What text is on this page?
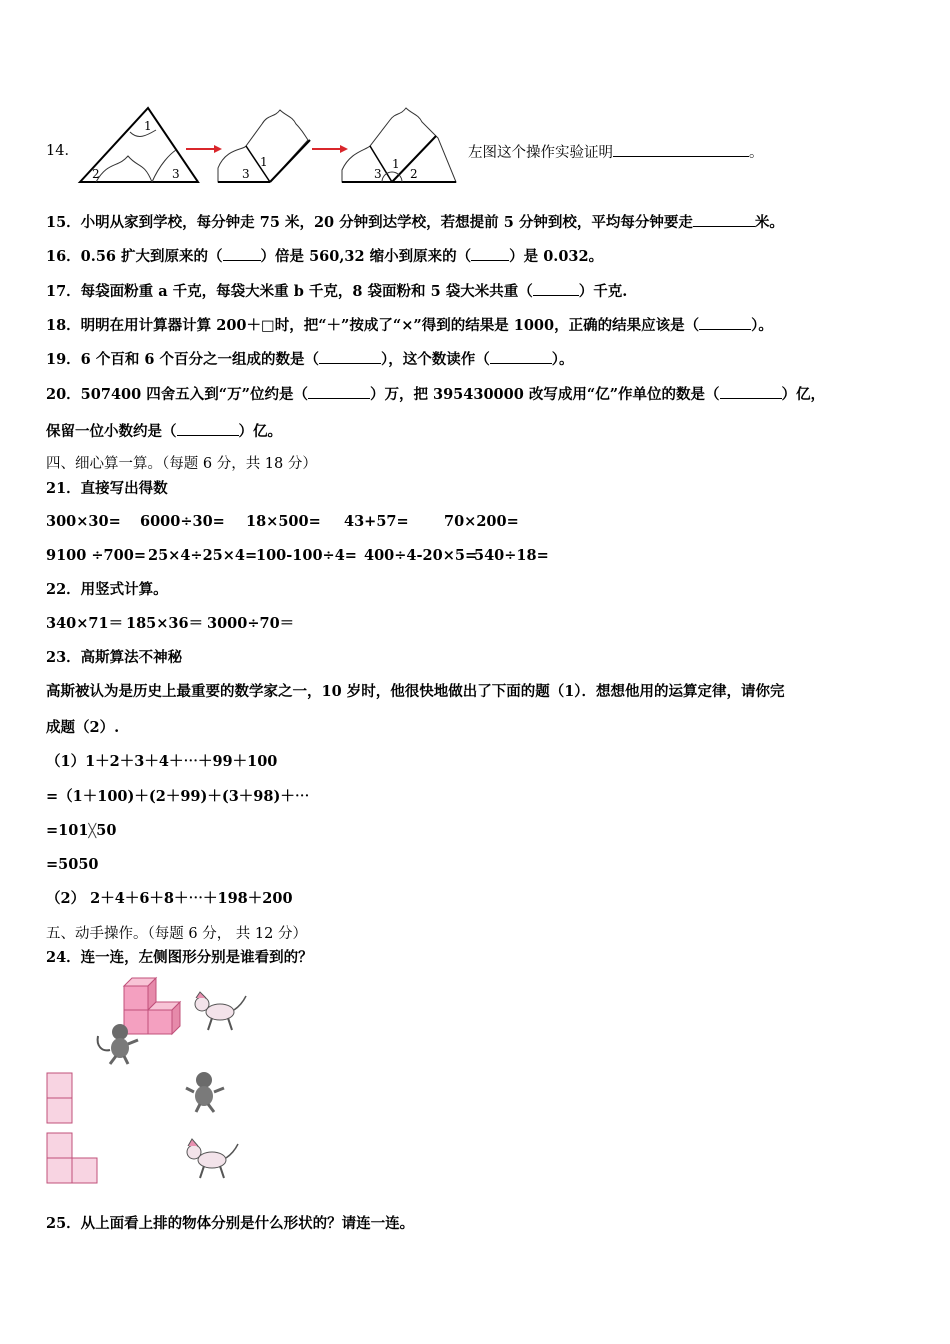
14．
1
2	3
1
3	3
1
2
左图这个操作实验证明	。
15．小明从家到学校，每分钟走 75 米，20 分钟到达学校，若想提前 5 分钟到校，平均每分钟要走	米。
16．0.56 扩大到原来的（	）倍是 560,32 缩小到原来的（	）是 0.032。
17．每袋面粉重 a 千克，每袋大米重 b 千克，8 袋面粉和 5 袋大米共重（	）千克.
18．明明在用计算器计算 200＋□时，把“＋”按成了“×”得到的结果是 1000，正确的结果应该是（	）。
19．6 个百和 6 个百分之一组成的数是（	），这个数读作（	）。
20．507400 四舍五入到“万”位约是（	）万，把 395430000 改写成用“亿”作单位的数是（	）亿，
保留一位小数约是（	）亿。
四、细心算一算。（每题 6 分，共 18 分）
21．直接写出得数
300×30= 6000÷30= 18×500= 43+57= 70×200=
9100 ÷700= 25×4÷25×4=100-100÷4= 400÷4-20×5=540÷18=
22．用竖式计算。
340×71＝ 185×36＝ 3000÷70＝
23．高斯算法不神秘
高斯被认为是历史上最重要的数学家之一，10 岁时，他很快地做出了下面的题（1）．想想他用的运算定律，请你完
成题（2）.
（1）1＋2＋3＋4＋⋯＋99＋100
=（1＋100)＋(2＋99)＋(3＋98)＋⋯
=101╳50
=5050
（2） 2＋4＋6＋8＋⋯＋198＋200
五、动手操作。（每题 6 分， 共 12 分）
24．连一连，左侧图形分别是谁看到的？
25．从上面看上排的物体分别是什么形状的？请连一连。
